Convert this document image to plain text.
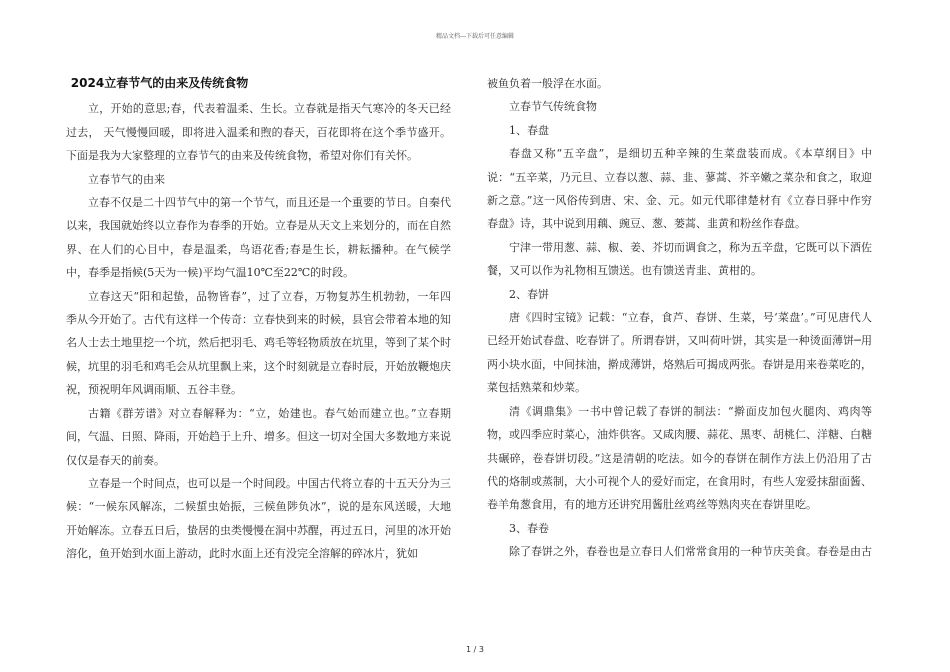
精品文档---下载后可任意编辑

2024立春节气的由来及传统食物

立，开始的意思;春，代表着温柔、生长。立春就是指天气寒冷的冬天已经过去， 天气慢慢回暖，即将进入温柔和煦的春天，百花即将在这个季节盛开。下面是我为大家整理的立春节气的由来及传统食物，希望对你们有关怀。

立春节气的由来

立春不仅是二十四节气中的第一个节气，而且还是一个重要的节日。自秦代以来，我国就始终以立春作为春季的开始。立春是从天文上来划分的，而在自然界、在人们的心目中，春是温柔，鸟语花香;春是生长，耕耘播种。在气候学中，春季是指候(5天为一候)平均气温10℃至22℃的时段。

立春这天“阳和起蛰，品物皆春”，过了立春，万物复苏生机勃勃，一年四季从今开始了。古代有这样一个传奇：立春快到来的时候，县官会带着本地的知名人士去土地里挖一个坑，然后把羽毛、鸡毛等轻物质放在坑里，等到了某个时候，坑里的羽毛和鸡毛会从坑里飘上来，这个时刻就是立春时辰，开始放鞭炮庆祝，预祝明年风调雨顺、五谷丰登。

古籍《群芳谱》对立春解释为：“立，始建也。春气始而建立也。”立春期间，气温、日照、降雨，开始趋于上升、增多。但这一切对全国大多数地方来说仅仅是春天的前奏。

立春是一个时间点，也可以是一个时间段。中国古代将立春的十五天分为三候：“一候东风解冻，二候蜇虫始振，三候鱼陟负冰”，说的是东风送暖，大地开始解冻。立春五日后，蛰居的虫类慢慢在洞中苏醒，再过五日，河里的冰开始溶化，鱼开始到水面上游动，此时水面上还有没完全溶解的碎冰片，犹如

被鱼负着一般浮在水面。

立春节气传统食物

1、春盘

春盘又称“五辛盘”，是细切五种辛辣的生菜盘装而成。《本草纲目》中说：“五辛菜，乃元旦、立春以葱、蒜、韭、蓼蒿、芥辛嫩之菜杂和食之，取迎新之意。”这一风俗传到唐、宋、金、元。如元代耶律楚材有《立春日驿中作穷春盘》诗，其中说到用藕、豌豆、葱、蒌蒿、韭黄和粉丝作春盘。

宁津一带用葱、蒜、椒、姜、芥切而调食之，称为五辛盘，它既可以下酒佐餐，又可以作为礼物相互馈送。也有馈送青韭、黄柑的。

2、春饼

唐《四时宝镜》记载：“立春，食芦、春饼、生菜，号‘菜盘’。”可见唐代人已经开始试春盘、吃春饼了。所谓春饼，又叫荷叶饼，其实是一种烫面薄饼─用两小块水面，中间抹油，擀成薄饼，烙熟后可揭成两张。春饼是用来卷菜吃的，菜包括熟菜和炒菜。

清《调鼎集》一书中曾记载了春饼的制法：“擀面皮加包火腿肉、鸡肉等物，或四季应时菜心，油炸供客。又咸肉腰、蒜花、黑枣、胡桃仁、洋糖、白糖共碾碎，卷春饼切段。”这是清朝的吃法。如今的春饼在制作方法上仍沿用了古代的烙制或蒸制，大小可视个人的爱好而定，在食用时，有些人宠爱抹甜面酱、卷羊角葱食用，有的地方还讲究用酱肚丝鸡丝等熟肉夹在春饼里吃。

3、春卷

除了春饼之外，春卷也是立春日人们常常食用的一种节庆美食。春卷是由古

1 / 3
